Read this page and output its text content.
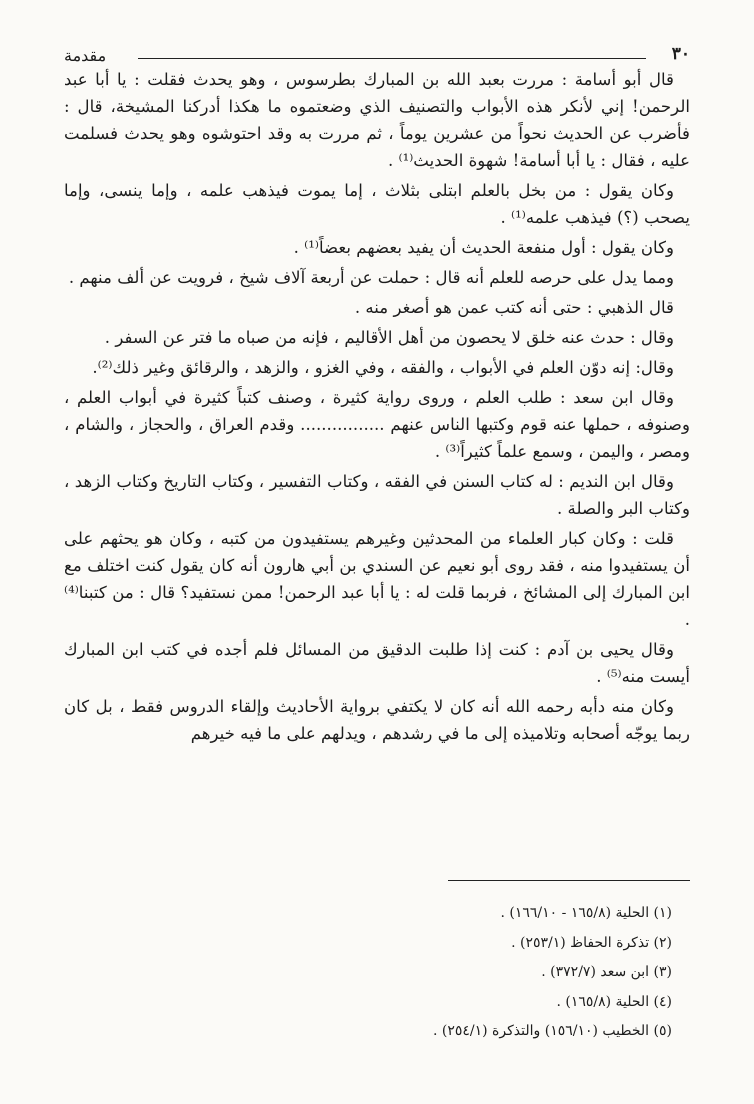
مقدمة	٣٠

قال أبو أسامة : مررت بعبد الله بن المبارك بطرسوس ، وهو يحدث فقلت : يا أبا عبد الرحمن! إني لأنكر هذه الأبواب والتصنيف الذي وضعتموه ما هكذا أدركنا المشيخة، قال : فأضرب عن الحديث نحواً من عشرين يوماً ، ثم مررت به وقد احتوشوه وهو يحدث فسلمت عليه ، فقال : يا أبا أسامة! شهوة الحديث⁽¹⁾ .

وكان يقول : من بخل بالعلم ابتلى بثلاث ، إما يموت فيذهب علمه ، وإما ينسى، وإما يصحب (؟) فيذهب علمه⁽¹⁾ .

وكان يقول : أول منفعة الحديث أن يفيد بعضهم بعضاً⁽¹⁾ .

ومما يدل على حرصه للعلم أنه قال : حملت عن أربعة آلاف شيخ ، فرويت عن ألف منهم .

قال الذهبي : حتى أنه كتب عمن هو أصغر منه .

وقال : حدث عنه خلق لا يحصون من أهل الأقاليم ، فإنه من صباه ما فتر عن السفر .

وقال: إنه دوّن العلم في الأبواب ، والفقه ، وفي الغزو ، والزهد ، والرقائق وغير ذلك⁽²⁾.

وقال ابن سعد : طلب العلم ، وروى رواية كثيرة ، وصنف كتباً كثيرة في أبواب العلم ، وصنوفه ، حملها عنه قوم وكتبها الناس عنهم ................ وقدم العراق ، والحجاز ، والشام ، ومصر ، واليمن ، وسمع علماً كثيراً⁽³⁾ .

وقال ابن النديم : له كتاب السنن في الفقه ، وكتاب التفسير ، وكتاب التاريخ وكتاب الزهد ، وكتاب البر والصلة .

قلت : وكان كبار العلماء من المحدثين وغيرهم يستفيدون من كتبه ، وكان هو يحثهم على أن يستفيدوا منه ، فقد روى أبو نعيم عن السندي بن أبي هارون أنه كان يقول كنت اختلف مع ابن المبارك إلى المشائخ ، فربما قلت له : يا أبا عبد الرحمن! ممن نستفيد؟ قال : من كتبنا⁽⁴⁾ .

وقال يحيى بن آدم : كنت إذا طلبت الدقيق من المسائل فلم أجده في كتب ابن المبارك أيست منه⁽⁵⁾ .

وكان منه دأبه رحمه الله أنه كان لا يكتفي برواية الأحاديث وإلقاء الدروس فقط ، بل كان ربما يوجّه أصحابه وتلاميذه إلى ما في رشدهم ، ويدلهم على ما فيه خيرهم

(١) الحلية (١٦٥/٨ - ١٦٦/١٠) .
(٢) تذكرة الحفاظ (٢٥٣/١) .
(٣) ابن سعد (٣٧٢/٧) .
(٤) الحلية (١٦٥/٨) .
(٥) الخطيب (١٥٦/١٠) والتذكرة (٢٥٤/١) .
